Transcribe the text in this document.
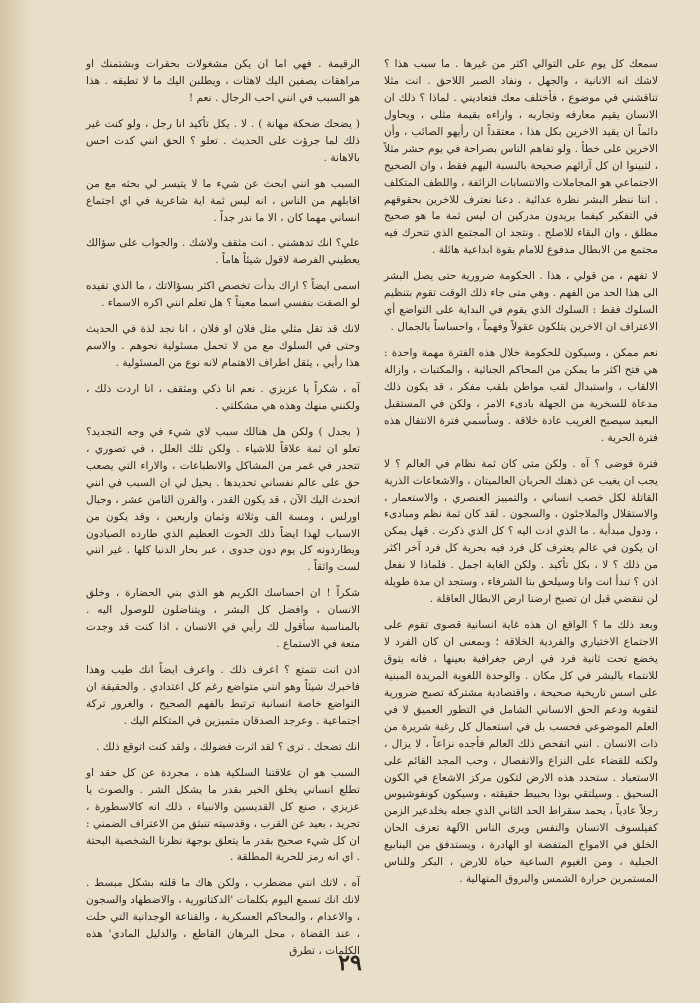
الرقيمة . فهي اما ان يكن مشغولات بحقرات وبشتمنك او مراهقات يصفين اليك لاهثات ، ويطلبن اليك ما لا تطيقه . هذا هو السبب في انني احب الرجال . نعم !

( يضحك ضحكة مهانة ) . لا . يكل تأكيد انا رجل ، ولو كنت غير ذلك لما جرؤت على الحديث . تعلو ؟ الحق انني كدت احس بالاهانة .

السبب هو انني ابحث عن شيء ما لا يتيسر لي بحثه مع من اقابلهم من الناس ، انه ليس ثمة اية شاعرية في اي اجتماع انساني مهما كان ، الا ما ندر جداً .

علي؟ انك تدهشني . انت مثقف ولاشك . والجواب على سؤالك يعطيني الفرصة لاقول شيئاً هاماً .

اسمى ايضاً ؟ اراك بدأت تخصص اكثر بسؤالاتك ، ما الذي تفيده لو الصقت بنفسي اسما معيناً ؟ هل تعلم انني اكره الاسماء .

لانك قد تقل مثلي مثل فلان او فلان ، انا نجد لذة في الحديث وحتى في السلوك مع من لا تحمل مسئولية نحوهم . والاسم هذا رأيي ، يثقل اطراف الاهتمام لانه نوع من المسئولية .

آه ، شكراً يا عزيزي . نعم انا ذكي ومثقف ، انا اردت ذلك ، ولكنني منهك وهذه هي مشكلتي .

( بجدل ) ولكن هل هنالك سبب لاي شيء في وجه التجديد؟ تعلو ان ثمة علاقاً للاشياء . ولكن تلك العلل ، في تصوري ، تتجدر في غمر من المشاكل والانطباعات ، والاراء التي يصعب حق على عالم نفساني تحديدها . يحيل لي ان السبب في انني اتحدث اليك الآن ، قد يكون القدر ، والقرن الثامن عشر ، وجبال اورلس ، ومسة الف وثلاثة وثمان واربعين ، وقد يكون من الاسباب لهذا ايضاً ذلك الحوت العظيم الذي طارده الصيادون ويطاردونه كل يوم دون جدوى ، عبر بحار الدنيا كلها . غير انني لست واثقاً .

شكراً ! ان احساسك الكريم هو الذي بني الحضارة ، وخلق الانسان ، وافضل كل البشر ، ويتناضلون للوصول اليه . بالمناسبة سأقول لك رأيي في الانسان ، اذا كنت قد وجدت متعة في الاستماع .

اذن انت تتمتع ؟ اعرف ذلك . واعرف ايضاً انك طيب وهذا فاخبرك شيئاً وهو انني متواضع رغم كل اعتدادي . والحقيقة ان التواضع خاصة انسانية ترتبط بالفهم الصحيح ، والغرور تركة اجتماعية . وعرجد الصدقان متميزين في المتكلم اليك .

انك تضحك . ترى ؟ لقد اثرت فضولك ، ولقد كنت اتوقع ذلك .

السبب هو ان علاقتنا السلكية هذه ، مجردة عن كل حقد او تطلع انساني يخلق الخير بقدر ما يشكل الشر . والصوت يا عزيزي ، صنع كل القديسين والانبياء ، ذلك انه كالاسطورة ، تجريد ، بعيد عن القرب ، وقدسيته تنبثق من الاعتراف الضمني : ان كل شيء صحيح بقدر ما يتعلق بوجهة نظرنا الشخصية البحتة . اي انه رمز للحرية المطلقة .

آه ، لاتك انني مضطرب ، ولكن هاك ما قلته بشكل مبسط . لانك انك تسمع اليوم بكلمات 'الدكتاتورية ، والاضطهاد والسجون ، والاعدام ، والمحاكم العسكرية ، والقناعة الوجدانية التي حلت ، عند القضاة ، محل البرهان القاطع ، والدليل المادي' هذه الكلمات ، تطرق

سمعك كل يوم على التوالي اكثر من غيرها . ما سبب هذا ؟ لاشك انه الانانية ، والجهل ، ونفاد الصبر اللاحق . انت مثلا تناقشني في موضوع ، فأختلف معك فتعاديني . لماذا ؟ ذلك ان الانسان يقيم معارفه وتجاربه ، واراءه بقيمة مثلى ، ويحاول دائماً ان يقيد الاخرين بكل هذا ، معتقداً ان رأيهو الصائب ، وأن الاخرين على خطأ . ولو تفاهم الناس بصراحة في يوم حشر مثلاً ، لتبينوا ان كل آرائهم صحيحة بالنسبة اليهم فقط ، وان الصحيح الاجتماعي هو المجاملات والانتسابات الزائفة ، واللطف المتكلف . اننا ننظر البشر نظرة عدائية . دعنا نعترف للاخرين بحقوقهم في التفكير كيفما يريدون مدركين ان ليس ثمة ما هو صحيح مطلق ، وان البقاء للاصلح . ونتجد ان المجتمع الذي تتحرك فيه مجتمع من الابطال مدفوع للامام بقوة ابداعية هائلة .

لا تفهم ، من قولي ، هذا . الحكومة ضرورية حتى يصل البشر الى هذا الحد من الفهم . وهي متى جاء ذلك الوقت تقوم بتنظيم السلوك فقط : السلوك الذي يقوم في البداية على التواضع أي الاعتراف ان الاخرين يتلكون عقولاً وفهماً ، واحساساً بالجمال .

نعم ممكن ، وسيكون للحكومة خلال هذه الفترة مهمة واحدة : هي فتح اكثر ما يمكن من المحاكم الجنائية ، والمكتبات ، وازالة الالقاب ، واستبدال لقب مواطن بلقب مفكر ، قد يكون ذلك مدعاة للسخرية من الجهلة بادىء الامر ، ولكن في المستقبل البعيد سيصبح الغريب عادة خلاقة . وسأسمي فترة الانتقال هذه فترة الحرية .

فترة فوضى ؟ آه . ولكن متى كان ثمة نظام في العالم ؟ لا يجب ان يغيب عن ذهنك الحربان العالميتان ، والاشعاعات الذرية القاتلة لكل خصب انساني ، والتمييز العنصري ، والاستعمار ، والاستقلال والملاجئون ، والسجون . لقد كان ثمة نظم ومبادىء ، ودول مبدأية . ما الذي ادت اليه ؟ كل الذي ذكرت . قهل يمكن ان يكون في عالم يعترف كل فرد فيه بحرية كل فرد آخر اكثر من ذلك ؟ لا ، بكل تأكيد . ولكن الغاية اجمل . فلماذا لا نفعل اذن ؟ تبدأ انت وانا وسيلحق بنا الشرفاء ، وستجد ان مدة طويلة لن تنقضي قبل ان تصبح ارضنا ارض الابطال العاقلة .

وبعد ذلك ما ؟ الواقع ان هذه غاية انسانية قصوى تقوم على الاجتماع الاختياري والفردية الخلاقة ؛ وبمعنى ان كان الفرد لا يخضع تحت ثانية فرد في ارض جغرافية بعينها ، فانه يتوق للانتماء بالبشر في كل مكان . والوحدة اللغوية المريدة المبنية على اسس تاريخية صحيحة ، واقتصادية مشتركة تصبح ضرورية لتقوية ودعم الحق الانساني الشامل في التطور العميق لا في العلم الموضوعي فحسب بل في استعمال كل رغبة شريرة من ذات الانسان . انني اتفحص ذلك العالم فأجده نزاعاً ، لا يزال ، ولكنه للقضاء على النزاع والانفصال ، وحب المجد القائم على الاستعباد . ستحدد هذه الارض لتكون مركز الاشعاع في الكون السحيق . وسيلتقي بوذا بحبيط حقيقته ، وسيكون كونفوشيوس رجلاً عادياً ، يحمد سقراط الحد الثاني الذي جعله بخلدعير الزمن كفيلسوف الانسان والنفس ويرى الناس الآلهة تعزف الحان الخلق في الامواج المتفضة او الهادرة ، ويستدفق من الينابيع الجبلية ، ومن الغيوم الساعية حياة للارض ، البكر وللناس المستمرين حرارة الشمس والبروق المتهالية .

٢٩
